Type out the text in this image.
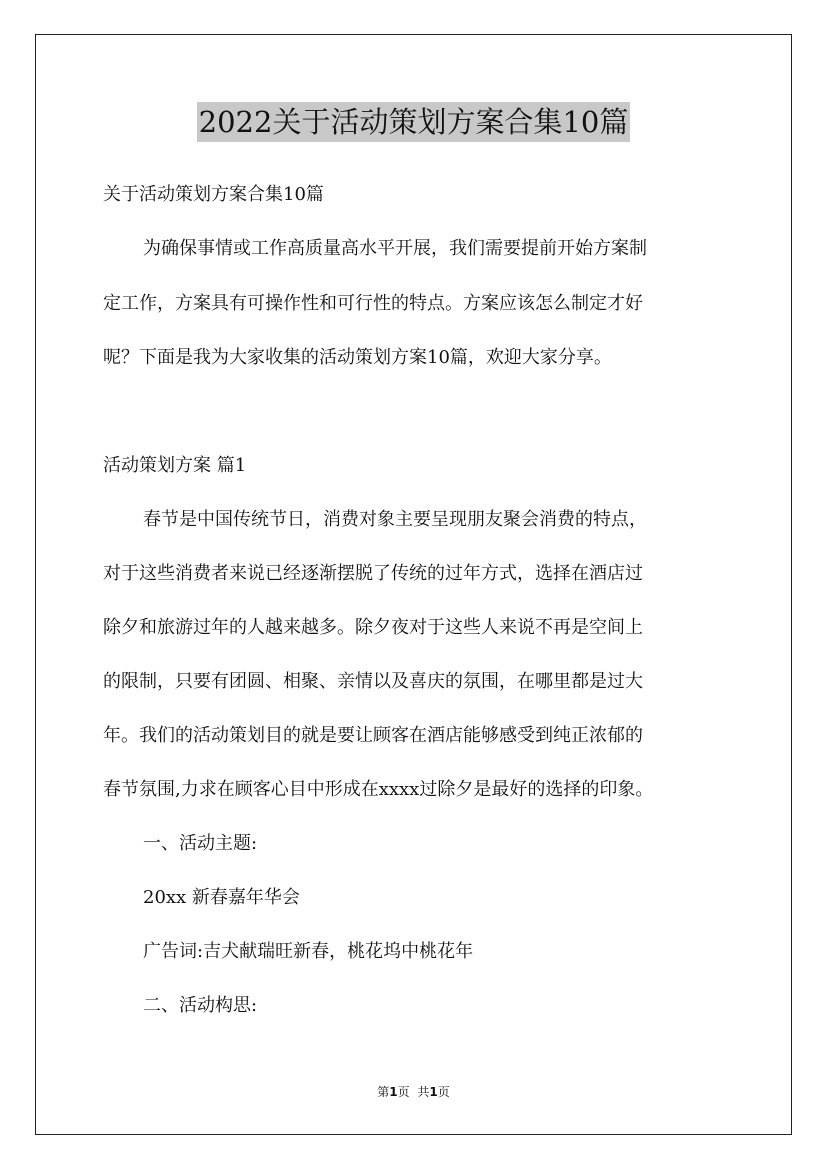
2022关于活动策划方案合集10篇
关于活动策划方案合集10篇
为确保事情或工作高质量高水平开展，我们需要提前开始方案制
定工作，方案具有可操作性和可行性的特点。方案应该怎么制定才好
呢？下面是我为大家收集的活动策划方案10篇，欢迎大家分享。
活动策划方案 篇1
春节是中国传统节日，消费对象主要呈现朋友聚会消费的特点，
对于这些消费者来说已经逐渐摆脱了传统的过年方式，选择在酒店过
除夕和旅游过年的人越来越多。除夕夜对于这些人来说不再是空间上
的限制，只要有团圆、相聚、亲情以及喜庆的氛围，在哪里都是过大
年。我们的活动策划目的就是要让顾客在酒店能够感受到纯正浓郁的
春节氛围,力求在顾客心目中形成在xxxx过除夕是最好的选择的印象。
一、活动主题:
20xx 新春嘉年华会
广告词:吉犬献瑞旺新春，桃花坞中桃花年
二、活动构思:
第1页 共1页
